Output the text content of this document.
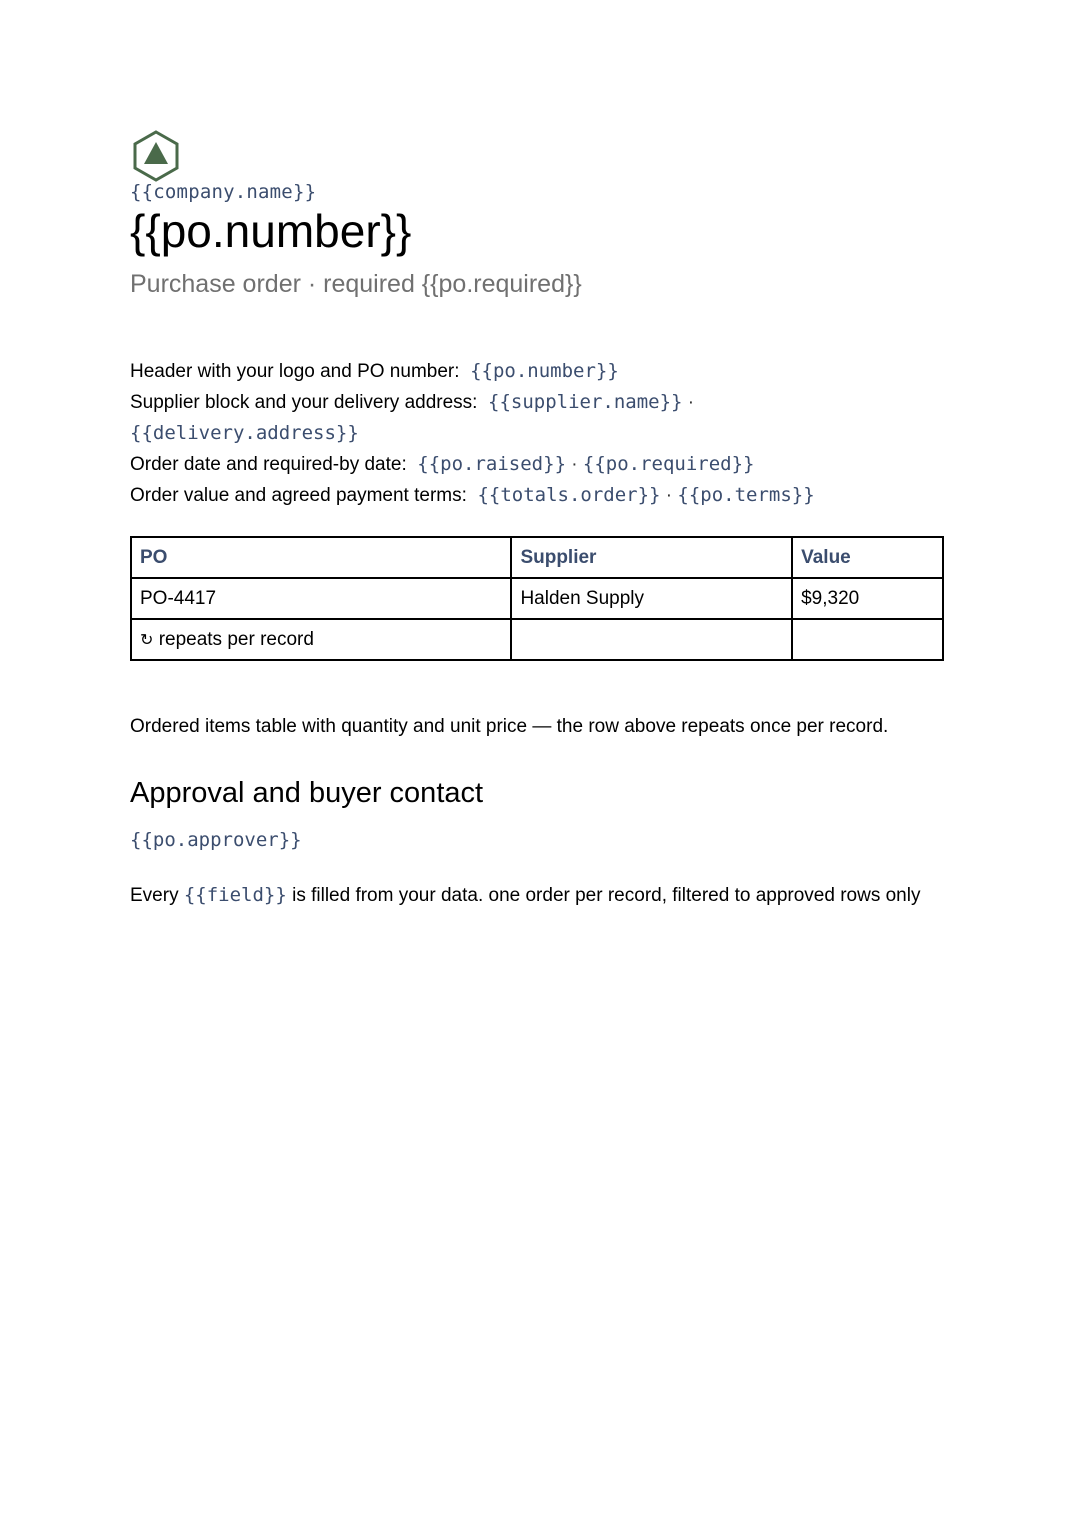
{{company.name}}
{{po.number}}
Purchase order · required {{po.required}}
Header with your logo and PO number: {{po.number}}
Supplier block and your delivery address: {{supplier.name}} ·
{{delivery.address}}
Order date and required-by date: {{po.raised}} · {{po.required}}
Order value and agreed payment terms: {{totals.order}} · {{po.terms}}
PO	Supplier	Value
PO-4417	Halden Supply	$9,320
↻ repeats per record		
Ordered items table with quantity and unit price — the row above repeats once per record.
Approval and buyer contact
{{po.approver}}
Every {{field}} is filled from your data. one order per record, filtered to approved rows only
